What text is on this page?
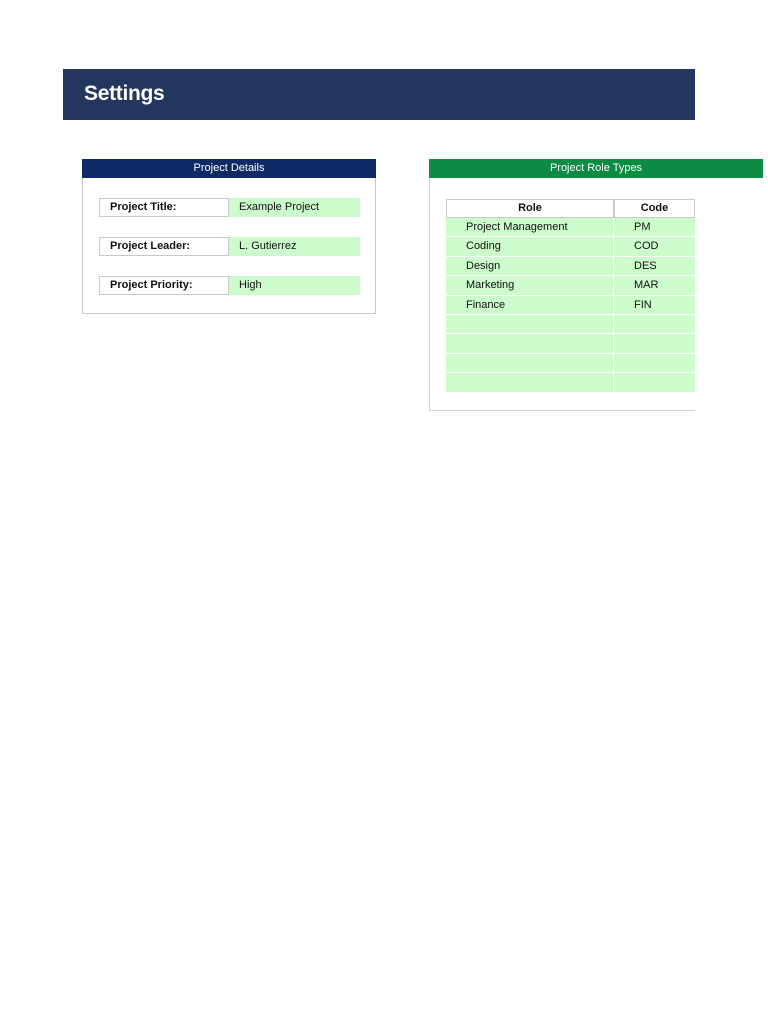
Settings
Project Details
Project Title:	Example Project
Project Leader:	L. Gutierrez
Project Priority:	High
Project Role Types
Role	Code
Project Management	PM
Coding	COD
Design	DES
Marketing	MAR
Finance	FIN
